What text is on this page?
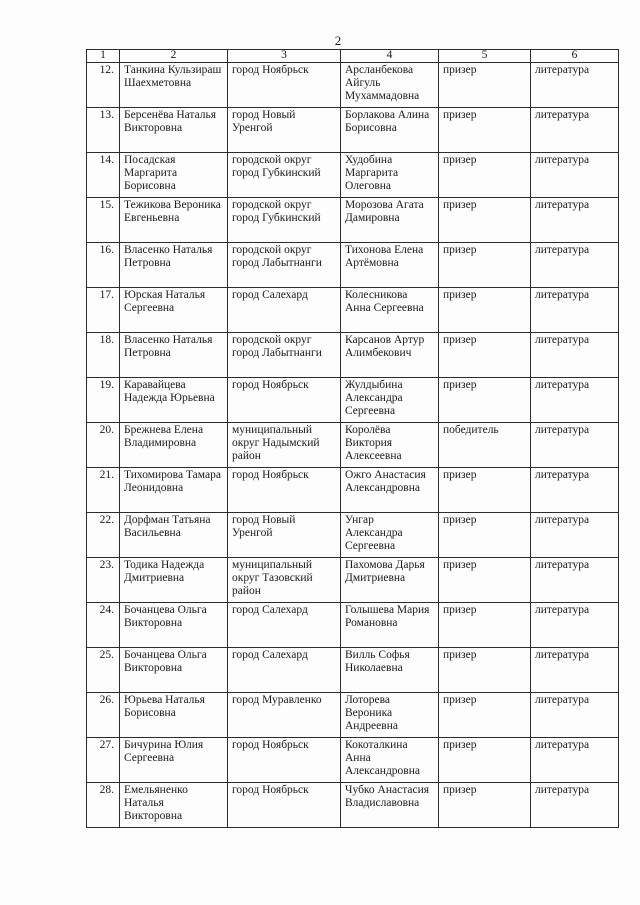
2
1	2	3	4	5	6
12.	Танкина Кульзираш Шаехметовна	город Ноябрьск	Арсланбекова Айгуль Мухаммадовна	призер	литература
13.	Берсенёва Наталья Викторовна	город Новый Уренгой	Борлакова Алина Борисовна	призер	литература
14.	Посадская Маргарита Борисовна	городской округ город Губкинский	Худобина Маргарита Олеговна	призер	литература
15.	Тежикова Вероника Евгеньевна	городской округ город Губкинский	Морозова Агата Дамировна	призер	литература
16.	Власенко Наталья Петровна	городской округ город Лабытнанги	Тихонова Елена Артёмовна	призер	литература
17.	Юрская Наталья Сергеевна	город Салехард	Колесникова Анна Сергеевна	призер	литература
18.	Власенко Наталья Петровна	городской округ город Лабытнанги	Карсанов Артур Алимбекович	призер	литература
19.	Каравайцева Надежда Юрьевна	город Ноябрьск	Жулдыбина Александра Сергеевна	призер	литература
20.	Брежнева Елена Владимировна	муниципальный округ Надымский район	Королёва Виктория Алексеевна	победитель	литература
21.	Тихомирова Тамара Леонидовна	город Ноябрьск	Ожго Анастасия Александровна	призер	литература
22.	Дорфман Татьяна Васильевна	город Новый Уренгой	Унгар Александра Сергеевна	призер	литература
23.	Тодика Надежда Дмитриевна	муниципальный округ Тазовский район	Пахомова Дарья Дмитриевна	призер	литература
24.	Бочанцева Ольга Викторовна	город Салехард	Голышева Мария Романовна	призер	литература
25.	Бочанцева Ольга Викторовна	город Салехард	Вилль Софья Николаевна	призер	литература
26.	Юрьева Наталья Борисовна	город Муравленко	Лоторева Вероника Андреевна	призер	литература
27.	Бичурина Юлия Сергеевна	город Ноябрьск	Кокоталкина Анна Александровна	призер	литература
28.	Емельяненко Наталья Викторовна	город Ноябрьск	Чубко Анастасия Владиславовна	призер	литература
